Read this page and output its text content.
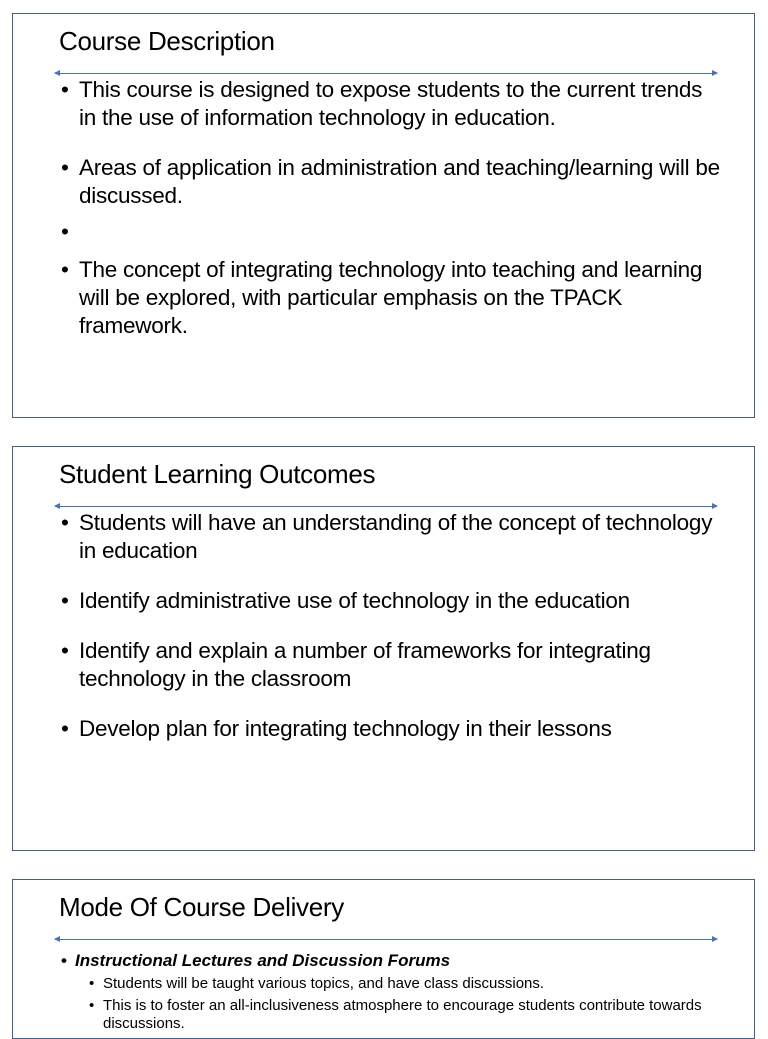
Course Description
• This course is designed to expose students to the current trends in the use of information technology in education.
• Areas of application in administration and teaching/learning will be discussed.
•
• The concept of integrating technology into teaching and learning will be explored, with particular emphasis on the TPACK framework.
Student Learning Outcomes
• Students will have an understanding of the concept of technology in education
• Identify administrative use of technology in the education
• Identify and explain a number of frameworks for integrating technology in the classroom
• Develop plan for integrating technology in their lessons
Mode Of Course Delivery
• Instructional Lectures and Discussion Forums
• Students will be taught various topics, and have class discussions.
• This is to foster an all-inclusiveness atmosphere to encourage students contribute towards discussions.
